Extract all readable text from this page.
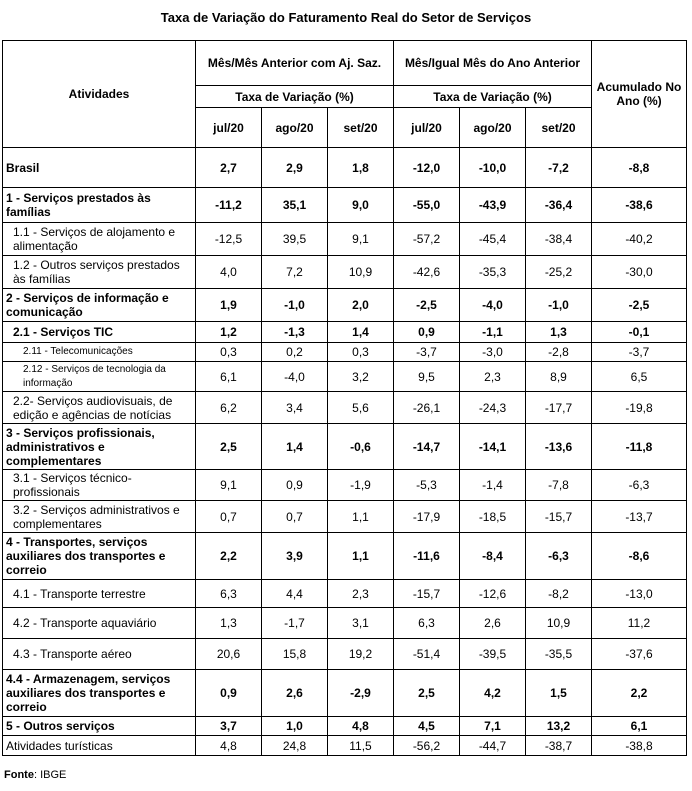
Taxa de Variação do Faturamento Real do Setor de Serviços
Atividades	Mês/Mês Anterior com Aj. Saz.			Mês/Igual Mês do Ano Anterior			Acumulado No Ano (%)
	Taxa de Variação (%)			Taxa de Variação (%)			
	jul/20	ago/20	set/20	jul/20	ago/20	set/20	
Brasil	2,7	2,9	1,8	-12,0	-10,0	-7,2	-8,8
1 - Serviços prestados às famílias	-11,2	35,1	9,0	-55,0	-43,9	-36,4	-38,6
1.1 - Serviços de alojamento e alimentação	-12,5	39,5	9,1	-57,2	-45,4	-38,4	-40,2
1.2 - Outros serviços prestados às famílias	4,0	7,2	10,9	-42,6	-35,3	-25,2	-30,0
2 - Serviços de informação e comunicação	1,9	-1,0	2,0	-2,5	-4,0	-1,0	-2,5
2.1 - Serviços TIC	1,2	-1,3	1,4	0,9	-1,1	1,3	-0,1
2.11 - Telecomunicações	0,3	0,2	0,3	-3,7	-3,0	-2,8	-3,7
2.12 - Serviços de tecnologia da informação	6,1	-4,0	3,2	9,5	2,3	8,9	6,5
2.2- Serviços audiovisuais, de edição e agências de notícias	6,2	3,4	5,6	-26,1	-24,3	-17,7	-19,8
3 - Serviços profissionais, administrativos e complementares	2,5	1,4	-0,6	-14,7	-14,1	-13,6	-11,8
3.1 - Serviços técnico-profissionais	9,1	0,9	-1,9	-5,3	-1,4	-7,8	-6,3
3.2 - Serviços administrativos e complementares	0,7	0,7	1,1	-17,9	-18,5	-15,7	-13,7
4 - Transportes, serviços auxiliares dos transportes e correio	2,2	3,9	1,1	-11,6	-8,4	-6,3	-8,6
4.1 - Transporte terrestre	6,3	4,4	2,3	-15,7	-12,6	-8,2	-13,0
4.2 - Transporte aquaviário	1,3	-1,7	3,1	6,3	2,6	10,9	11,2
4.3 - Transporte aéreo	20,6	15,8	19,2	-51,4	-39,5	-35,5	-37,6
4.4 - Armazenagem, serviços auxiliares dos transportes e correio	0,9	2,6	-2,9	2,5	4,2	1,5	2,2
5 - Outros serviços	3,7	1,0	4,8	4,5	7,1	13,2	6,1
Atividades turísticas	4,8	24,8	11,5	-56,2	-44,7	-38,7	-38,8
Fonte: IBGE
